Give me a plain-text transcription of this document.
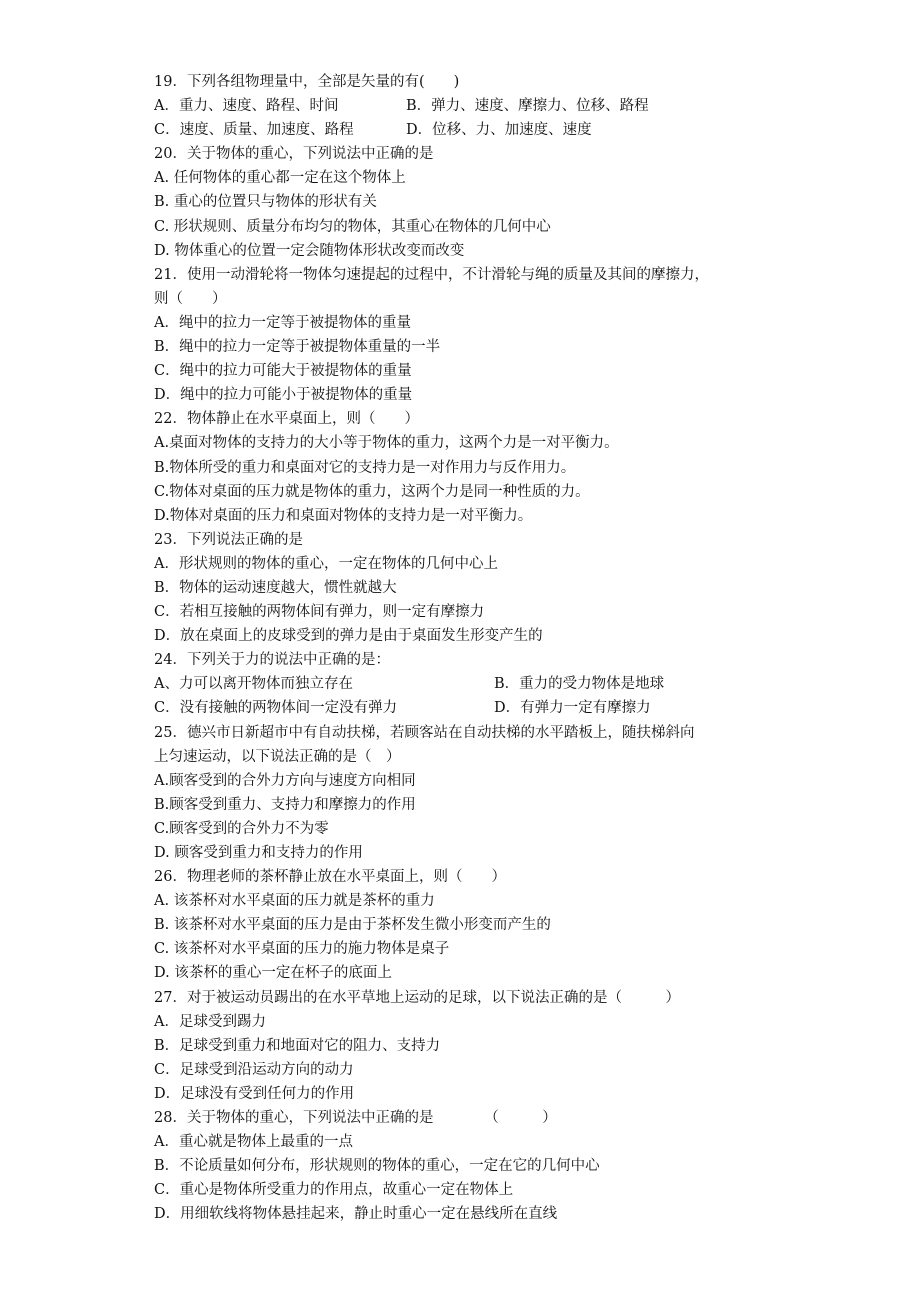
19．下列各组物理量中，全部是矢量的有(　　)
A．重力、速度、路程、时间	B．弹力、速度、摩擦力、位移、路程
C．速度、质量、加速度、路程	D．位移、力、加速度、速度
20．关于物体的重心，下列说法中正确的是
A. 任何物体的重心都一定在这个物体上
B. 重心的位置只与物体的形状有关
C. 形状规则、质量分布均匀的物体，其重心在物体的几何中心
D. 物体重心的位置一定会随物体形状改变而改变
21．使用一动滑轮将一物体匀速提起的过程中，不计滑轮与绳的质量及其间的摩擦力，
则（　　）
A．绳中的拉力一定等于被提物体的重量
B．绳中的拉力一定等于被提物体重量的一半
C．绳中的拉力可能大于被提物体的重量
D．绳中的拉力可能小于被提物体的重量
22．物体静止在水平桌面上，则（　　）
A.桌面对物体的支持力的大小等于物体的重力，这两个力是一对平衡力。
B.物体所受的重力和桌面对它的支持力是一对作用力与反作用力。
C.物体对桌面的压力就是物体的重力，这两个力是同一种性质的力。
D.物体对桌面的压力和桌面对物体的支持力是一对平衡力。
23．下列说法正确的是
A．形状规则的物体的重心，一定在物体的几何中心上
B．物体的运动速度越大，惯性就越大
C．若相互接触的两物体间有弹力，则一定有摩擦力
D．放在桌面上的皮球受到的弹力是由于桌面发生形变产生的
24．下列关于力的说法中正确的是：
A、力可以离开物体而独立存在	B．重力的受力物体是地球
C．没有接触的两物体间一定没有弹力	D．有弹力一定有摩擦力
25．德兴市日新超市中有自动扶梯，若顾客站在自动扶梯的水平踏板上，随扶梯斜向
上匀速运动，以下说法正确的是（　）
A.顾客受到的合外力方向与速度方向相同
B.顾客受到重力、支持力和摩擦力的作用
C.顾客受到的合外力不为零
D. 顾客受到重力和支持力的作用
26．物理老师的茶杯静止放在水平桌面上，则（　　）
A. 该茶杯对水平桌面的压力就是茶杯的重力
B. 该茶杯对水平桌面的压力是由于茶杯发生微小形变而产生的
C. 该茶杯对水平桌面的压力的施力物体是桌子
D. 该茶杯的重心一定在杯子的底面上
27．对于被运动员踢出的在水平草地上运动的足球，以下说法正确的是（　　　）
A．足球受到踢力
B．足球受到重力和地面对它的阻力、支持力
C．足球受到沿运动方向的动力
D．足球没有受到任何力的作用
28．关于物体的重心，下列说法中正确的是　　　　（　　　）
A．重心就是物体上最重的一点
B．不论质量如何分布，形状规则的物体的重心，一定在它的几何中心
C．重心是物体所受重力的作用点，故重心一定在物体上
D．用细软线将物体悬挂起来，静止时重心一定在悬线所在直线
